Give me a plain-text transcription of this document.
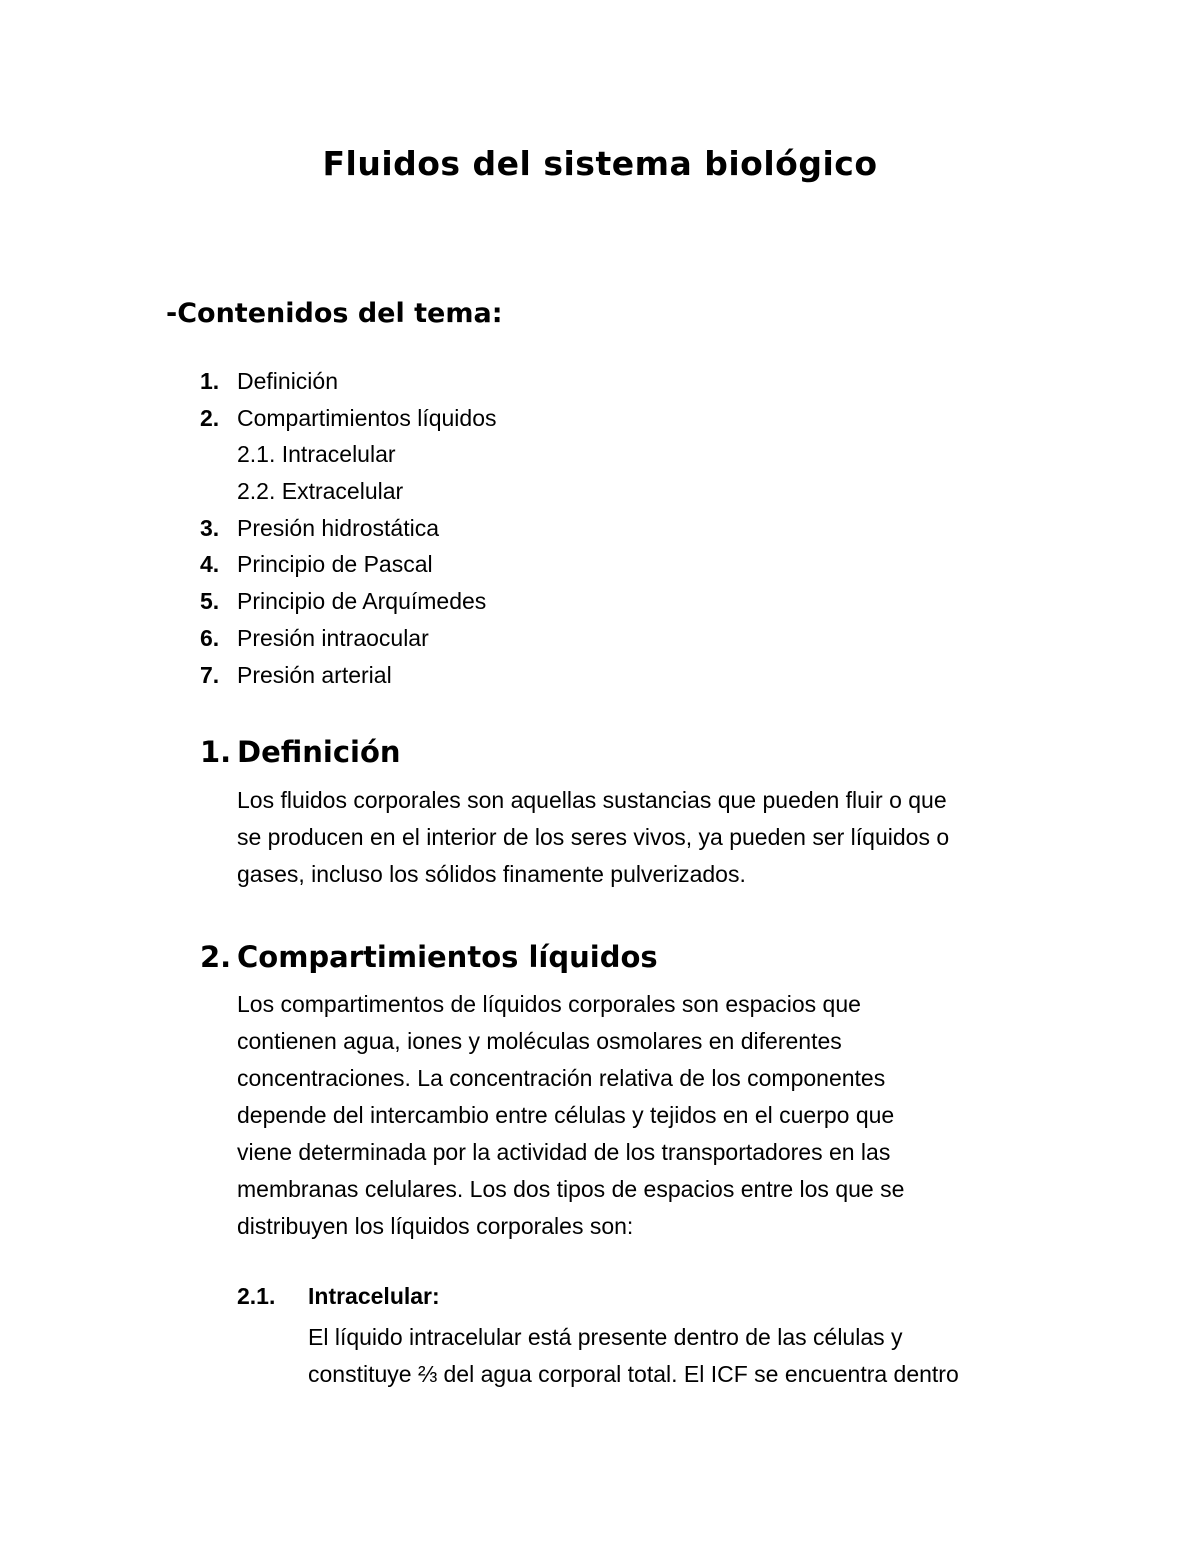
Fluidos del sistema biológico
-Contenidos del tema:
1. Definición
2. Compartimientos líquidos
2.1. Intracelular
2.2. Extracelular
3. Presión hidrostática
4. Principio de Pascal
5. Principio de Arquímedes
6. Presión intraocular
7. Presión arterial
1. Definición
Los fluidos corporales son aquellas sustancias que pueden fluir o que
se producen en el interior de los seres vivos, ya pueden ser líquidos o
gases, incluso los sólidos finamente pulverizados.
2. Compartimientos líquidos
Los compartimentos de líquidos corporales son espacios que
contienen agua, iones y moléculas osmolares en diferentes
concentraciones. La concentración relativa de los componentes
depende del intercambio entre células y tejidos en el cuerpo que
viene determinada por la actividad de los transportadores en las
membranas celulares. Los dos tipos de espacios entre los que se
distribuyen los líquidos corporales son:
2.1. Intracelular:
El líquido intracelular está presente dentro de las células y
constituye ⅔ del agua corporal total. El ICF se encuentra dentro
